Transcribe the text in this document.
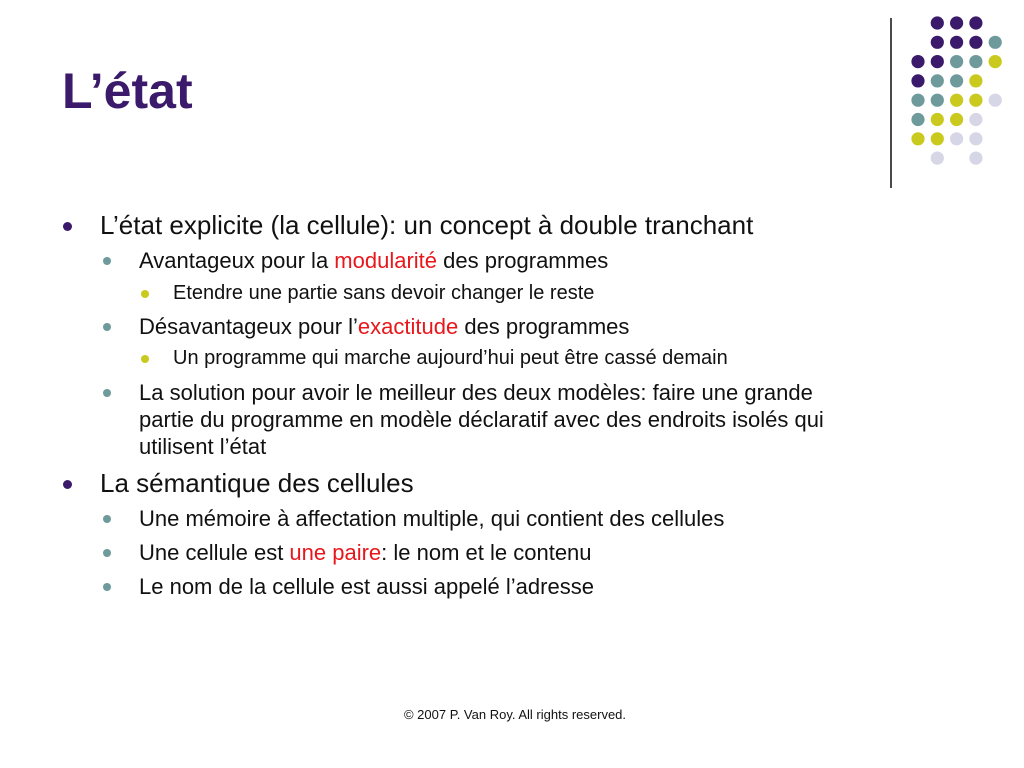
L’état
L’état explicite (la cellule): un concept à double tranchant
Avantageux pour la modularité des programmes
Etendre une partie sans devoir changer le reste
Désavantageux pour l’exactitude des programmes
Un programme qui marche aujourd’hui peut être cassé demain
La solution pour avoir le meilleur des deux modèles: faire une grande partie du programme en modèle déclaratif avec des endroits isolés qui utilisent l’état
La sémantique des cellules
Une mémoire à affectation multiple, qui contient des cellules
Une cellule est une paire: le nom et le contenu
Le nom de la cellule est aussi appelé l’adresse
© 2007 P. Van Roy. All rights reserved.
